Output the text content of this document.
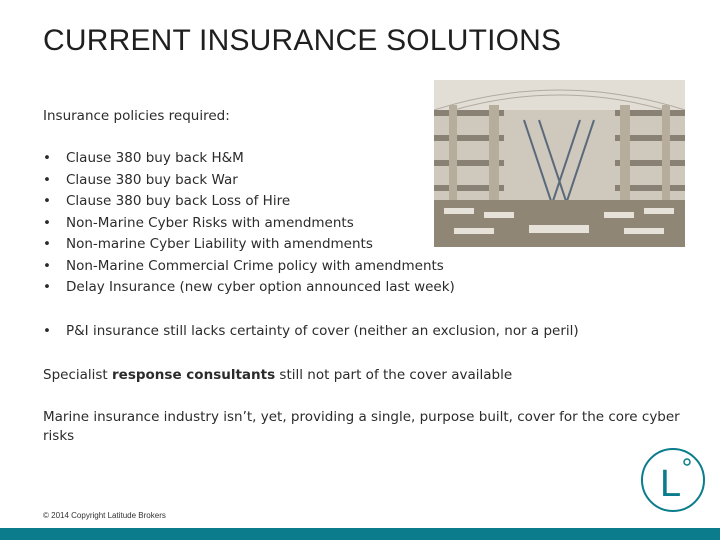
CURRENT INSURANCE SOLUTIONS
Insurance policies required:
• Clause 380 buy back H&M
• Clause 380 buy back War
• Clause 380 buy back Loss of Hire
• Non-Marine Cyber Risks with amendments
• Non-marine Cyber Liability with amendments
• Non-Marine Commercial Crime policy with amendments
• Delay Insurance (new cyber option announced last week)
• P&I insurance still lacks certainty of cover (neither an exclusion, nor a peril)
Specialist response consultants still not part of the cover available
Marine insurance industry isn’t, yet, providing a single, purpose built, cover for the core cyber risks
© 2014 Copyright Latitude Brokers
L
